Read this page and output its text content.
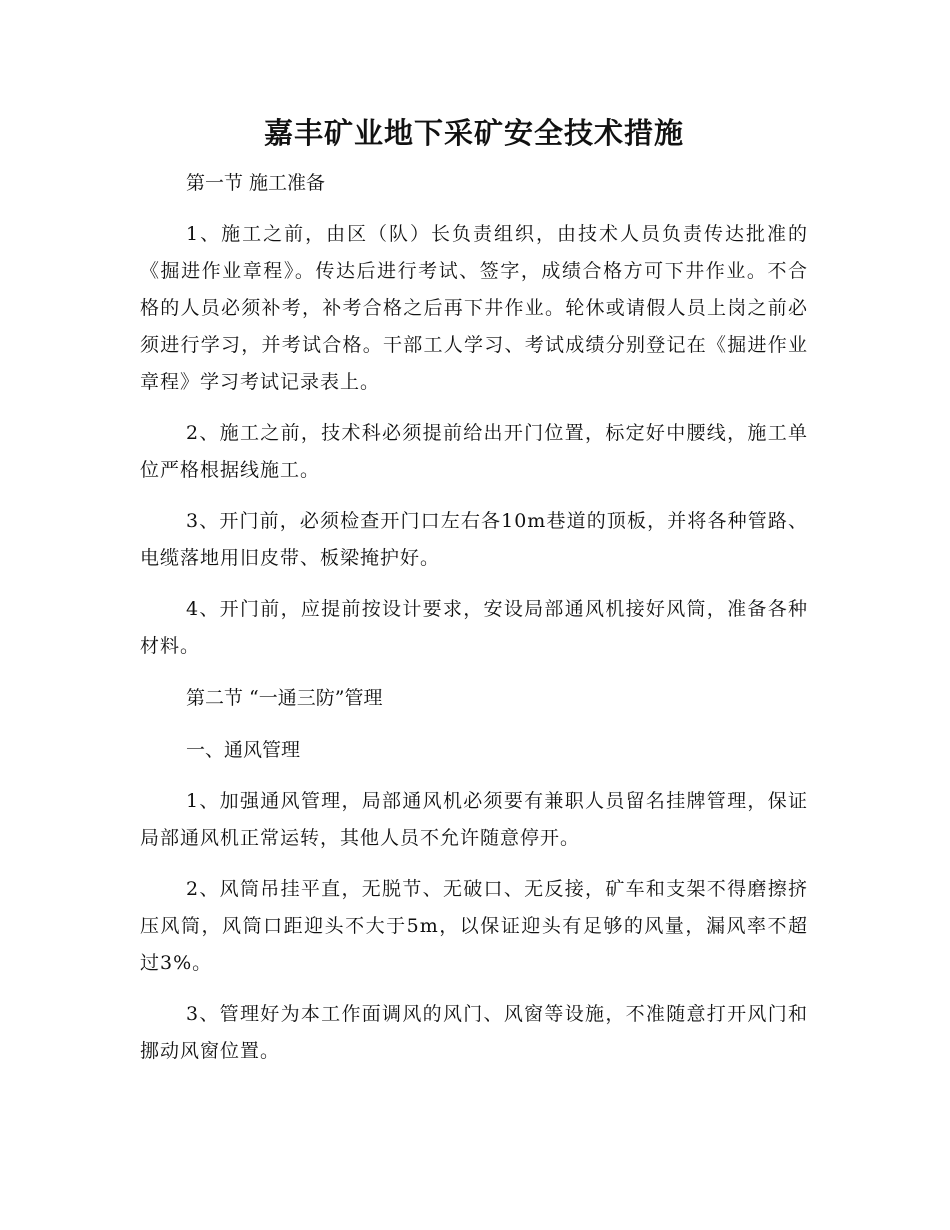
嘉丰矿业地下采矿安全技术措施

第一节 施工准备

1、施工之前，由区（队）长负责组织，由技术人员负责传达批准的《掘进作业章程》。传达后进行考试、签字，成绩合格方可下井作业。不合格的人员必须补考，补考合格之后再下井作业。轮休或请假人员上岗之前必须进行学习，并考试合格。干部工人学习、考试成绩分别登记在《掘进作业章程》学习考试记录表上。

2、施工之前，技术科必须提前给出开门位置，标定好中腰线，施工单位严格根据线施工。

3、开门前，必须检查开门口左右各10m巷道的顶板，并将各种管路、电缆落地用旧皮带、板梁掩护好。

4、开门前，应提前按设计要求，安设局部通风机接好风筒，准备各种材料。

第二节 “一通三防”管理

一、通风管理

1、加强通风管理，局部通风机必须要有兼职人员留名挂牌管理，保证局部通风机正常运转，其他人员不允许随意停开。

2、风筒吊挂平直，无脱节、无破口、无反接，矿车和支架不得磨擦挤压风筒，风筒口距迎头不大于5m，以保证迎头有足够的风量，漏风率不超过3%。

3、管理好为本工作面调风的风门、风窗等设施，不准随意打开风门和挪动风窗位置。
